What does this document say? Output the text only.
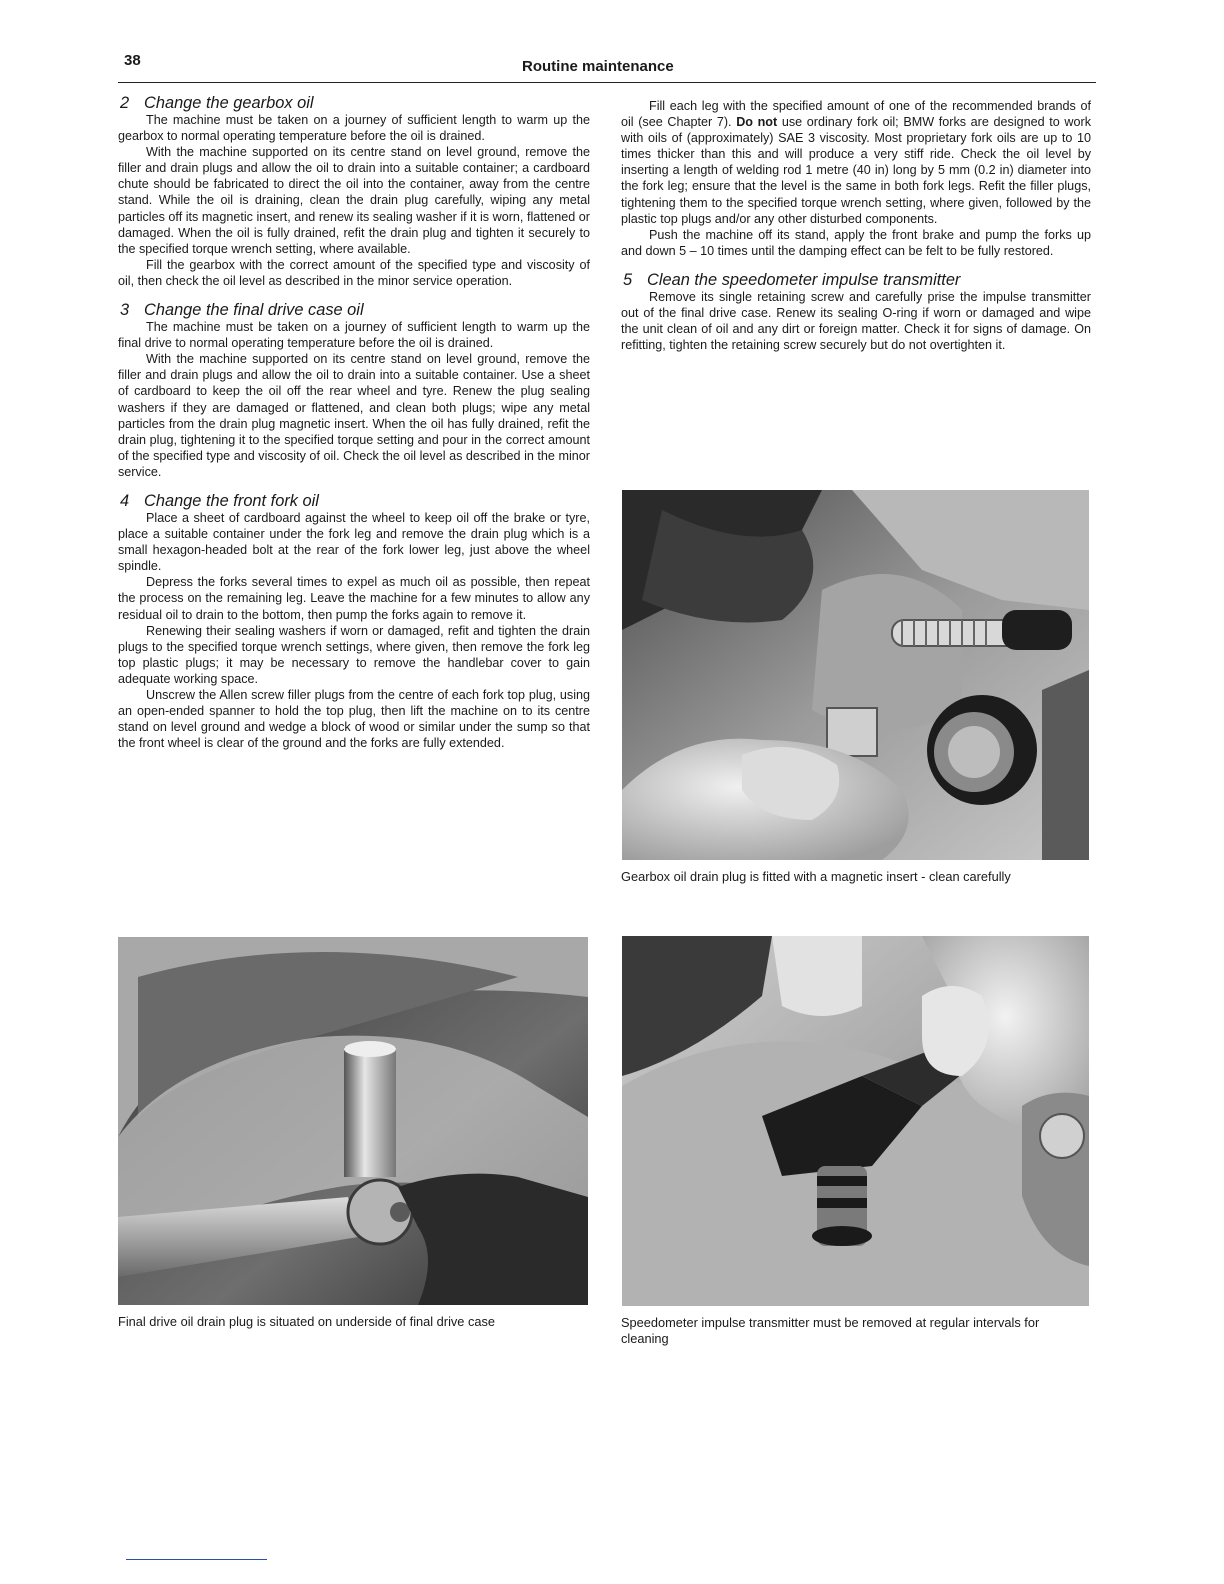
38	Routine maintenance
2 Change the gearbox oil

The machine must be taken on a journey of sufficient length to warm up the gearbox to normal operating temperature before the oil is drained.

With the machine supported on its centre stand on level ground, remove the filler and drain plugs and allow the oil to drain into a suitable container; a cardboard chute should be fabricated to direct the oil into the container, away from the centre stand. While the oil is draining, clean the drain plug carefully, wiping any metal particles off its magnetic insert, and renew its sealing washer if it is worn, flattened or damaged. When the oil is fully drained, refit the drain plug and tighten it securely to the specified torque wrench setting, where available.

Fill the gearbox with the correct amount of the specified type and viscosity of oil, then check the oil level as described in the minor service operation.

3 Change the final drive case oil

The machine must be taken on a journey of sufficient length to warm up the final drive to normal operating temperature before the oil is drained.

With the machine supported on its centre stand on level ground, remove the filler and drain plugs and allow the oil to drain into a suitable container. Use a sheet of cardboard to keep the oil off the rear wheel and tyre. Renew the plug sealing washers if they are damaged or flattened, and clean both plugs; wipe any metal particles from the drain plug magnetic insert. When the oil has fully drained, refit the drain plug, tightening it to the specified torque setting and pour in the correct amount of the specified type and viscosity of oil. Check the oil level as described in the minor service.

4 Change the front fork oil

Place a sheet of cardboard against the wheel to keep oil off the brake or tyre, place a suitable container under the fork leg and remove the drain plug which is a small hexagon-headed bolt at the rear of the fork lower leg, just above the wheel spindle.

Depress the forks several times to expel as much oil as possible, then repeat the process on the remaining leg. Leave the machine for a few minutes to allow any residual oil to drain to the bottom, then pump the forks again to remove it.

Renewing their sealing washers if worn or damaged, refit and tighten the drain plugs to the specified torque wrench settings, where given, then remove the fork leg top plastic plugs; it may be necessary to remove the handlebar cover to gain adequate working space.

Unscrew the Allen screw filler plugs from the centre of each fork top plug, using an open-ended spanner to hold the top plug, then lift the machine on to its centre stand on level ground and wedge a block of wood or similar under the sump so that the front wheel is clear of the ground and the forks are fully extended.

Fill each leg with the specified amount of one of the recommended brands of oil (see Chapter 7). Do not use ordinary fork oil; BMW forks are designed to work with oils of (approximately) SAE 3 viscosity. Most proprietary fork oils are up to 10 times thicker than this and will produce a very stiff ride. Check the oil level by inserting a length of welding rod 1 metre (40 in) long by 5 mm (0.2 in) diameter into the fork leg; ensure that the level is the same in both fork legs. Refit the filler plugs, tightening them to the specified torque wrench setting, where given, followed by the plastic top plugs and/or any other disturbed components.

Push the machine off its stand, apply the front brake and pump the forks up and down 5 – 10 times until the damping effect can be felt to be fully restored.

5 Clean the speedometer impulse transmitter

Remove its single retaining screw and carefully prise the impulse transmitter out of the final drive case. Renew its sealing O-ring if worn or damaged and wipe the unit clean of oil and any dirt or foreign matter. Check it for signs of damage. On refitting, tighten the retaining screw securely but do not overtighten it.

Gearbox oil drain plug is fitted with a magnetic insert - clean carefully
Final drive oil drain plug is situated on underside of final drive case	Speedometer impulse transmitter must be removed at regular intervals for cleaning
